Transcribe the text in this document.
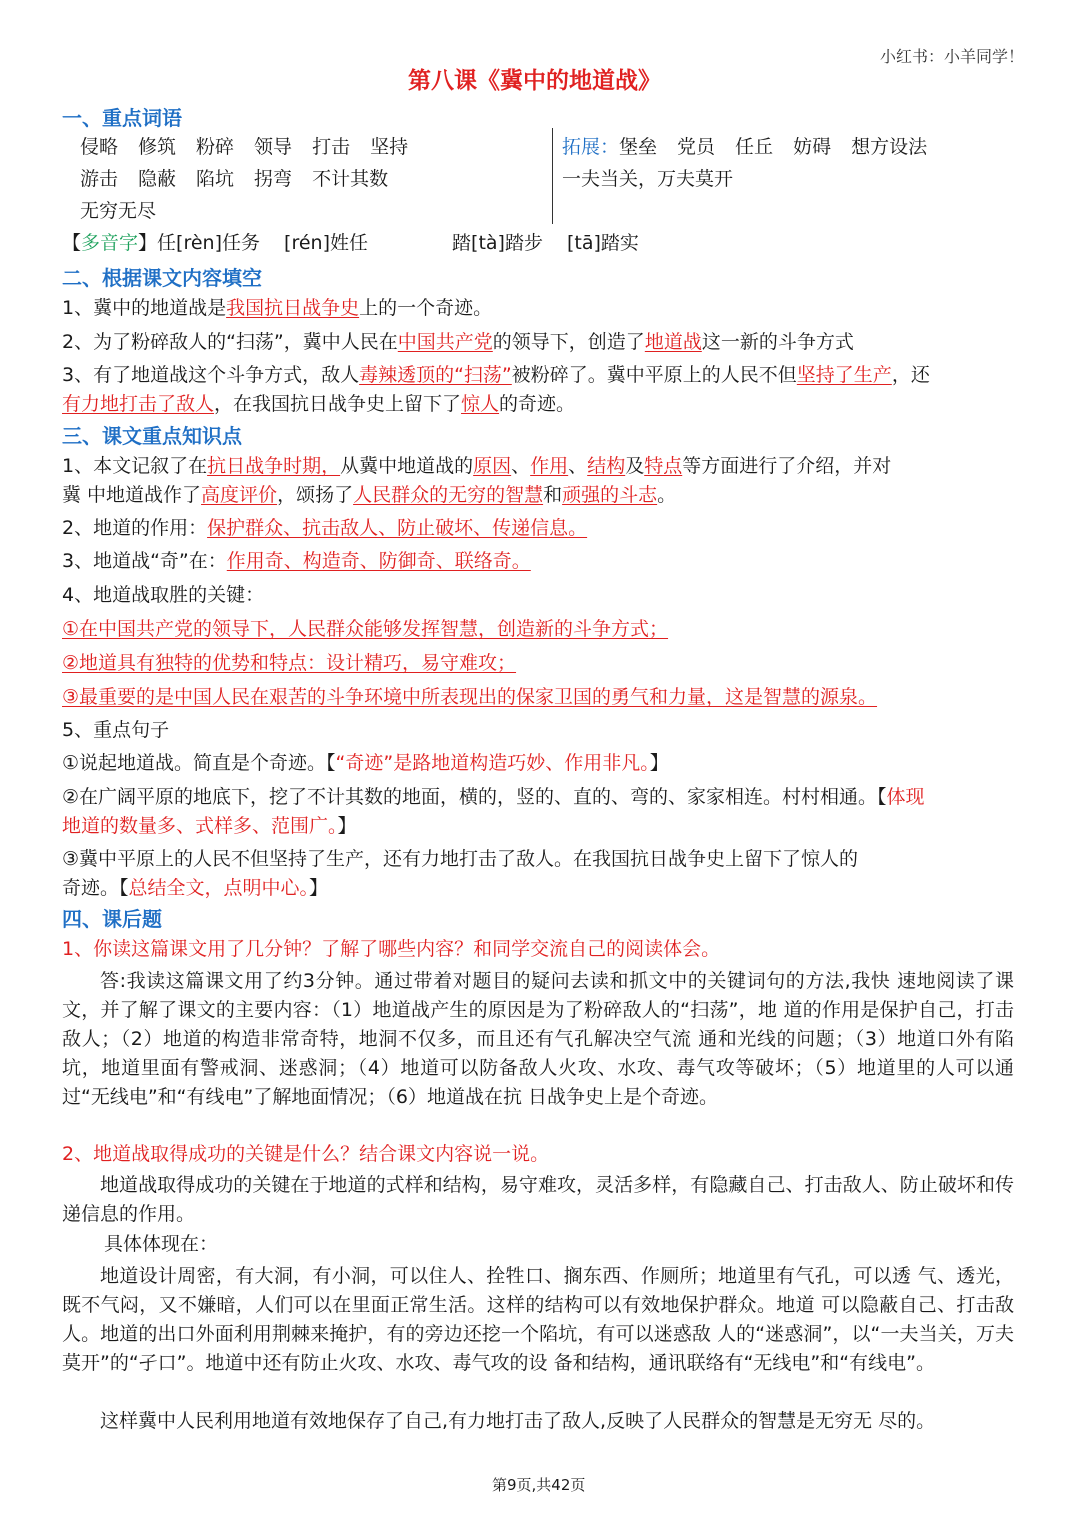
小红书：小羊同学！
第八课《冀中的地道战》
一、重点词语
侵略 修筑 粉碎 领导 打击 坚持
游击 隐蔽 陷坑 拐弯 不计其数
无穷无尽
拓展：堡垒 党员 任丘 妨碍 想方设法
一夫当关，万夫莫开
【多音字】任[rèn]任务 [rén]姓任	踏[tà]踏步 [tā]踏实
二、根据课文内容填空
1、冀中的地道战是我国抗日战争史上的一个奇迹。
2、为了粉碎敌人的“扫荡”，冀中人民在中国共产党的领导下，创造了地道战这一新的斗争方式
3、有了地道战这个斗争方式，敌人毒辣透顶的“扫荡”被粉碎了。冀中平原上的人民不但坚持了生产，还
有力地打击了敌人，在我国抗日战争史上留下了惊人的奇迹。
三、课文重点知识点
1、本文记叙了在抗日战争时期，从冀中地道战的原因、作用、结构及特点等方面进行了介绍，并对
冀 中地道战作了高度评价，颂扬了人民群众的无穷的智慧和顽强的斗志。
2、地道的作用：保护群众、抗击敌人、防止破坏、传递信息。
3、地道战“奇”在：作用奇、构造奇、防御奇、联络奇。
4、地道战取胜的关键：
①在中国共产党的领导下，人民群众能够发挥智慧，创造新的斗争方式；
②地道具有独特的优势和特点：设计精巧，易守难攻；
③最重要的是中国人民在艰苦的斗争环境中所表现出的保家卫国的勇气和力量，这是智慧的源泉。
5、重点句子
①说起地道战。简直是个奇迹。【“奇迹”是路地道构造巧妙、作用非凡。】
②在广阔平原的地底下，挖了不计其数的地面，横的，竖的、直的、弯的、家家相连。村村相通。【体现
地道的数量多、式样多、范围广。】
③冀中平原上的人民不但坚持了生产，还有力地打击了敌人。在我国抗日战争史上留下了惊人的
奇迹。【总结全文，点明中心。】
四、课后题
1、你读这篇课文用了几分钟？了解了哪些内容？和同学交流自己的阅读体会。
答:我读这篇课文用了约3分钟。通过带着对题目的疑问去读和抓文中的关键词句的方法,我快 速地阅读了课文，并了解了课文的主要内容：（1）地道战产生的原因是为了粉碎敌人的“扫荡”，地 道的作用是保护自己，打击敌人；（2）地道的构造非常奇特，地洞不仅多，而且还有气孔解决空气流 通和光线的问题；（3）地道口外有陷坑，地道里面有警戒洞、迷惑洞；（4）地道可以防备敌人火攻、水攻、毒气攻等破坏；（5）地道里的人可以通过“无线电”和“有线电”了解地面情况；（6）地道战在抗 日战争史上是个奇迹。
2、地道战取得成功的关键是什么？结合课文内容说一说。
地道战取得成功的关键在于地道的式样和结构，易守难攻，灵活多样，有隐藏自己、打击敌人、防止破坏和传递信息的作用。
具体体现在：
地道设计周密，有大洞，有小洞，可以住人、拴牲口、搁东西、作厕所；地道里有气孔，可以透 气、透光，既不气闷，又不嫌暗，人们可以在里面正常生活。这样的结构可以有效地保护群众。地道 可以隐蔽自己、打击敌人。地道的出口外面利用荆棘来掩护，有的旁边还挖一个陷坑，有可以迷惑敌 人的“迷惑洞”，以“一夫当关，万夫莫开”的“孑口”。地道中还有防止火攻、水攻、毒气攻的设 备和结构，通讯联络有“无线电”和“有线电”。
这样冀中人民利用地道有效地保存了自己,有力地打击了敌人,反映了人民群众的智慧是无穷无 尽的。
第9页,共42页
